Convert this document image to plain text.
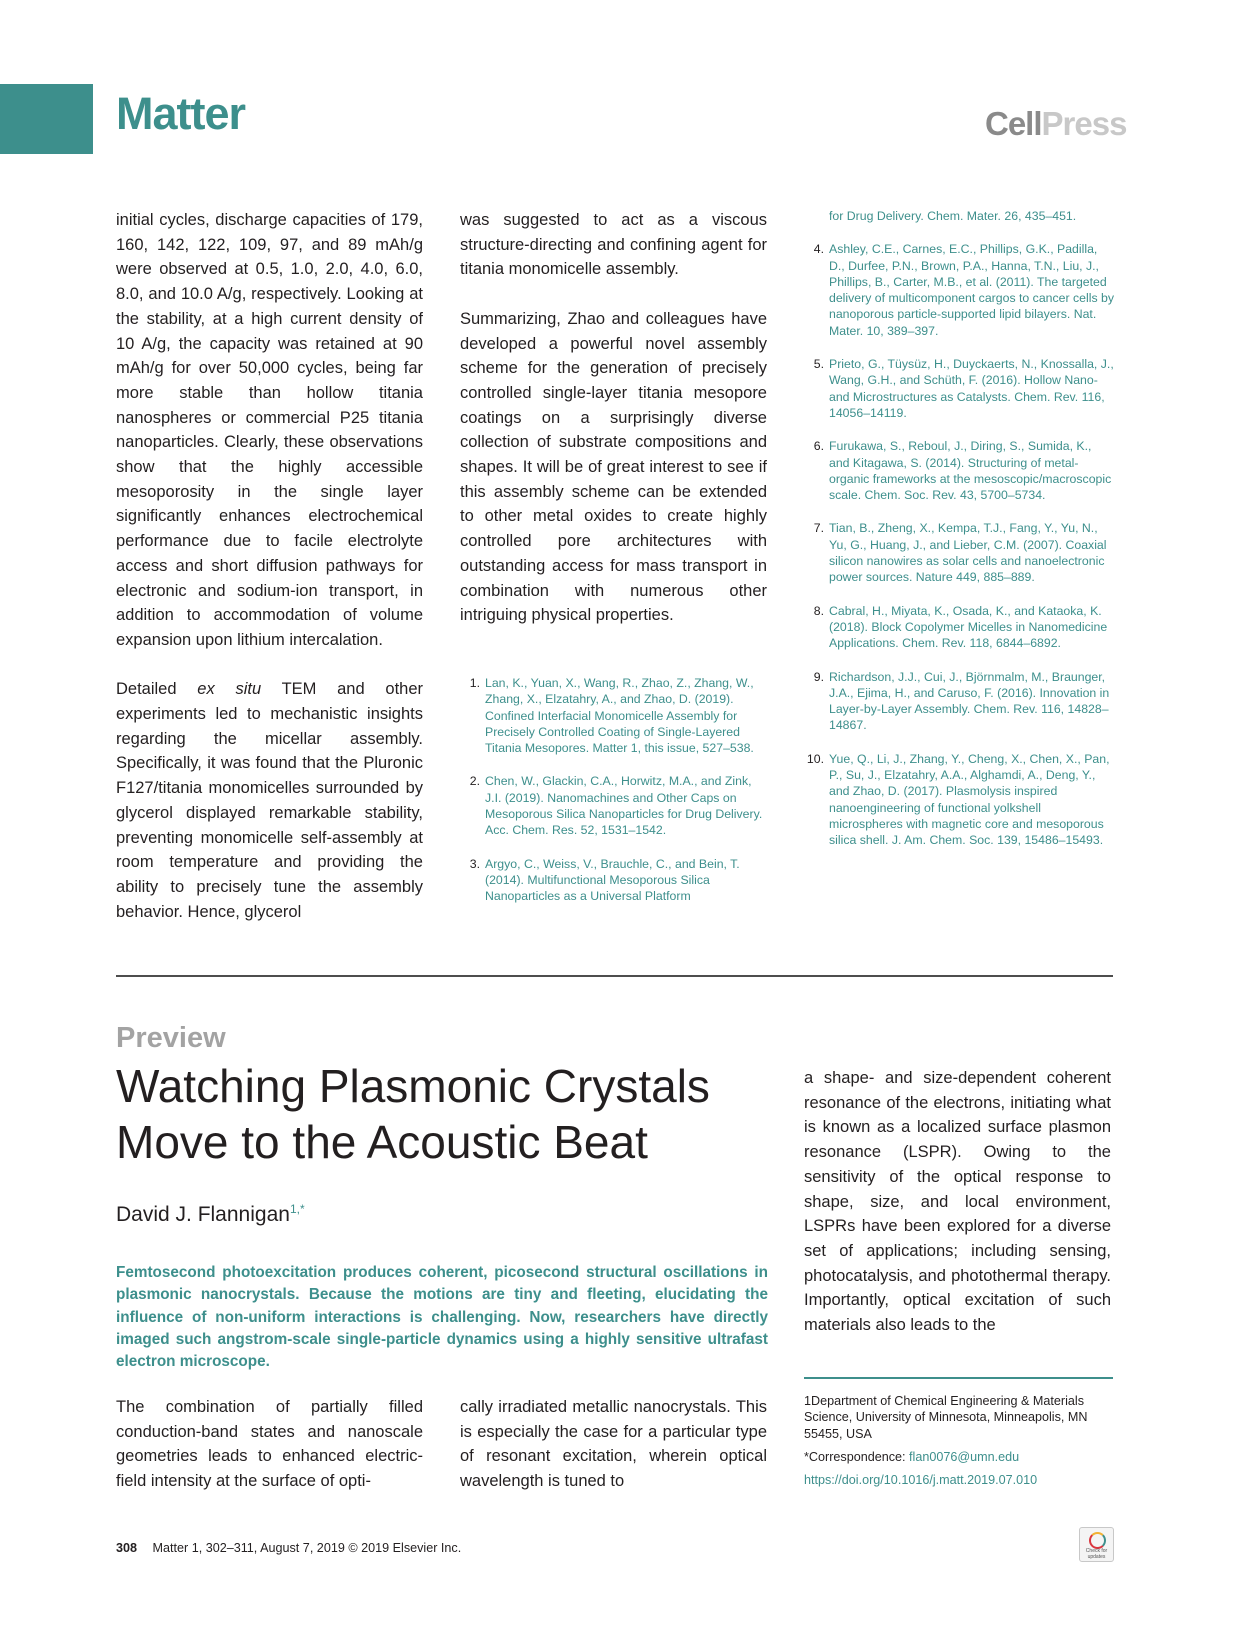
Matter	CellPress

initial cycles, discharge capacities of 179, 160, 142, 122, 109, 97, and 89 mAh/g were observed at 0.5, 1.0, 2.0, 4.0, 6.0, 8.0, and 10.0 A/g, respectively. Looking at the stability, at a high current density of 10 A/g, the capacity was retained at 90 mAh/g for over 50,000 cycles, being far more stable than hollow titania nanospheres or commercial P25 titania nanoparticles. Clearly, these observations show that the highly accessible mesoporosity in the single layer significantly enhances electrochemical performance due to facile electrolyte access and short diffusion pathways for electronic and sodium-ion transport, in addition to accommodation of volume expansion upon lithium intercalation.

Detailed ex situ TEM and other experiments led to mechanistic insights regarding the micellar assembly. Specifically, it was found that the Pluronic F127/titania monomicelles surrounded by glycerol displayed remarkable stability, preventing monomicelle self-assembly at room temperature and providing the ability to precisely tune the assembly behavior. Hence, glycerol

was suggested to act as a viscous structure-directing and confining agent for titania monomicelle assembly.

Summarizing, Zhao and colleagues have developed a powerful novel assembly scheme for the generation of precisely controlled single-layer titania mesopore coatings on a surprisingly diverse collection of substrate compositions and shapes. It will be of great interest to see if this assembly scheme can be extended to other metal oxides to create highly controlled pore architectures with outstanding access for mass transport in combination with numerous other intriguing physical properties.

1. Lan, K., Yuan, X., Wang, R., Zhao, Z., Zhang, W., Zhang, X., Elzatahry, A., and Zhao, D. (2019). Confined Interfacial Monomicelle Assembly for Precisely Controlled Coating of Single-Layered Titania Mesopores. Matter 1, this issue, 527–538.
2. Chen, W., Glackin, C.A., Horwitz, M.A., and Zink, J.I. (2019). Nanomachines and Other Caps on Mesoporous Silica Nanoparticles for Drug Delivery. Acc. Chem. Res. 52, 1531–1542.
3. Argyo, C., Weiss, V., Brauchle, C., and Bein, T. (2014). Multifunctional Mesoporous Silica Nanoparticles as a Universal Platform
for Drug Delivery. Chem. Mater. 26, 435–451.
4. Ashley, C.E., Carnes, E.C., Phillips, G.K., Padilla, D., Durfee, P.N., Brown, P.A., Hanna, T.N., Liu, J., Phillips, B., Carter, M.B., et al. (2011). The targeted delivery of multicomponent cargos to cancer cells by nanoporous particle-supported lipid bilayers. Nat. Mater. 10, 389–397.
5. Prieto, G., Tüysüz, H., Duyckaerts, N., Knossalla, J., Wang, G.H., and Schüth, F. (2016). Hollow Nano- and Microstructures as Catalysts. Chem. Rev. 116, 14056–14119.
6. Furukawa, S., Reboul, J., Diring, S., Sumida, K., and Kitagawa, S. (2014). Structuring of metal-organic frameworks at the mesoscopic/macroscopic scale. Chem. Soc. Rev. 43, 5700–5734.
7. Tian, B., Zheng, X., Kempa, T.J., Fang, Y., Yu, N., Yu, G., Huang, J., and Lieber, C.M. (2007). Coaxial silicon nanowires as solar cells and nanoelectronic power sources. Nature 449, 885–889.
8. Cabral, H., Miyata, K., Osada, K., and Kataoka, K. (2018). Block Copolymer Micelles in Nanomedicine Applications. Chem. Rev. 118, 6844–6892.
9. Richardson, J.J., Cui, J., Björnmalm, M., Braunger, J.A., Ejima, H., and Caruso, F. (2016). Innovation in Layer-by-Layer Assembly. Chem. Rev. 116, 14828–14867.
10. Yue, Q., Li, J., Zhang, Y., Cheng, X., Chen, X., Pan, P., Su, J., Elzatahry, A.A., Alghamdi, A., Deng, Y., and Zhao, D. (2017). Plasmolysis inspired nanoengineering of functional yolkshell microspheres with magnetic core and mesoporous silica shell. J. Am. Chem. Soc. 139, 15486–15493.
Preview
Watching Plasmonic Crystals Move to the Acoustic Beat
David J. Flannigan$^{1,*}$

Femtosecond photoexcitation produces coherent, picosecond structural oscillations in plasmonic nanocrystals. Because the motions are tiny and fleeting, elucidating the influence of non-uniform interactions is challenging. Now, researchers have directly imaged such angstrom-scale single-particle dynamics using a highly sensitive ultrafast electron microscope.

The combination of partially filled conduction-band states and nanoscale geometries leads to enhanced electric-field intensity at the surface of opti-

cally irradiated metallic nanocrystals. This is especially the case for a particular type of resonant excitation, wherein optical wavelength is tuned to

a shape- and size-dependent coherent resonance of the electrons, initiating what is known as a localized surface plasmon resonance (LSPR). Owing to the sensitivity of the optical response to shape, size, and local environment, LSPRs have been explored for a diverse set of applications; including sensing, photocatalysis, and photothermal therapy. Importantly, optical excitation of such materials also leads to the

1Department of Chemical Engineering & Materials Science, University of Minnesota, Minneapolis, MN 55455, USA

*Correspondence: flan0076@umn.edu

https://doi.org/10.1016/j.matt.2019.07.010

308 Matter 1, 302–311, August 7, 2019 © 2019 Elsevier Inc.	Check for updates
